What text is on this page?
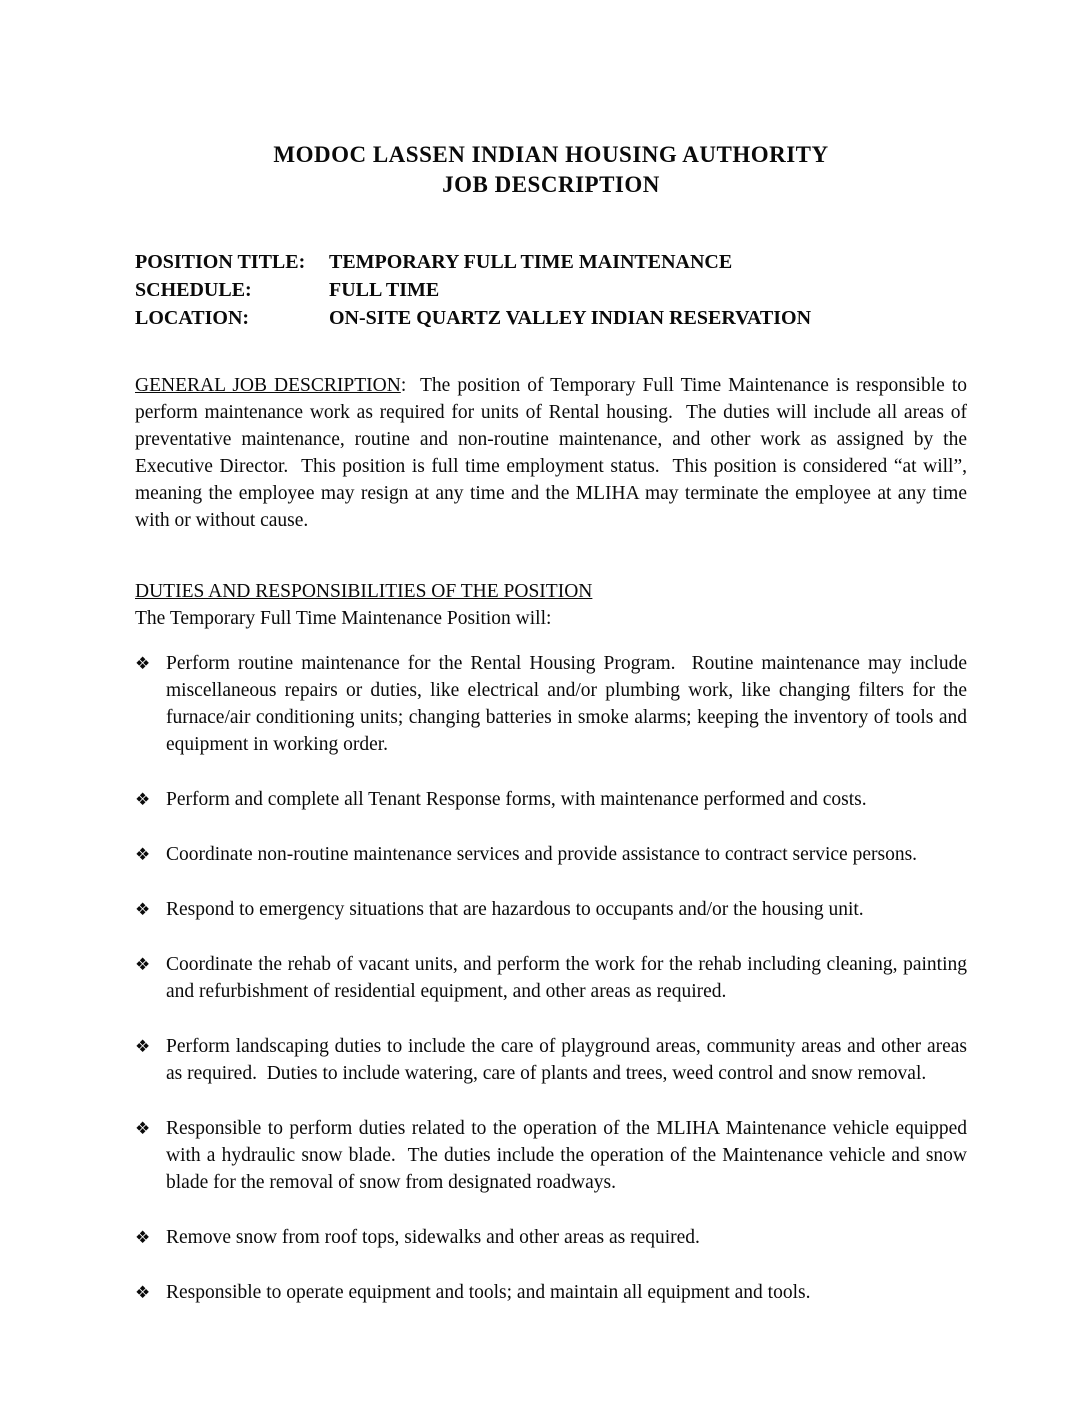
MODOC LASSEN INDIAN HOUSING AUTHORITY
JOB DESCRIPTION
POSITION TITLE:	TEMPORARY FULL TIME MAINTENANCE
SCHEDULE:	FULL TIME
LOCATION:	ON-SITE QUARTZ VALLEY INDIAN RESERVATION

GENERAL JOB DESCRIPTION:  The position of Temporary Full Time Maintenance is responsible to perform maintenance work as required for units of Rental housing.  The duties will include all areas of preventative maintenance, routine and non-routine maintenance, and other work as assigned by the Executive Director.  This position is full time employment status.  This position is considered “at will”, meaning the employee may resign at any time and the MLIHA may terminate the employee at any time with or without cause.

DUTIES AND RESPONSIBILITIES OF THE POSITION

The Temporary Full Time Maintenance Position will:

❖ Perform routine maintenance for the Rental Housing Program.  Routine maintenance may include miscellaneous repairs or duties, like electrical and/or plumbing work, like changing filters for the furnace/air conditioning units; changing batteries in smoke alarms; keeping the inventory of tools and equipment in working order.
❖ Perform and complete all Tenant Response forms, with maintenance performed and costs.
❖ Coordinate non-routine maintenance services and provide assistance to contract service persons.
❖ Respond to emergency situations that are hazardous to occupants and/or the housing unit.
❖ Coordinate the rehab of vacant units, and perform the work for the rehab including cleaning, painting and refurbishment of residential equipment, and other areas as required.
❖ Perform landscaping duties to include the care of playground areas, community areas and other areas as required.  Duties to include watering, care of plants and trees, weed control and snow removal.
❖ Responsible to perform duties related to the operation of the MLIHA Maintenance vehicle equipped with a hydraulic snow blade.  The duties include the operation of the Maintenance vehicle and snow blade for the removal of snow from designated roadways.
❖ Remove snow from roof tops, sidewalks and other areas as required.
❖ Responsible to operate equipment and tools; and maintain all equipment and tools.
